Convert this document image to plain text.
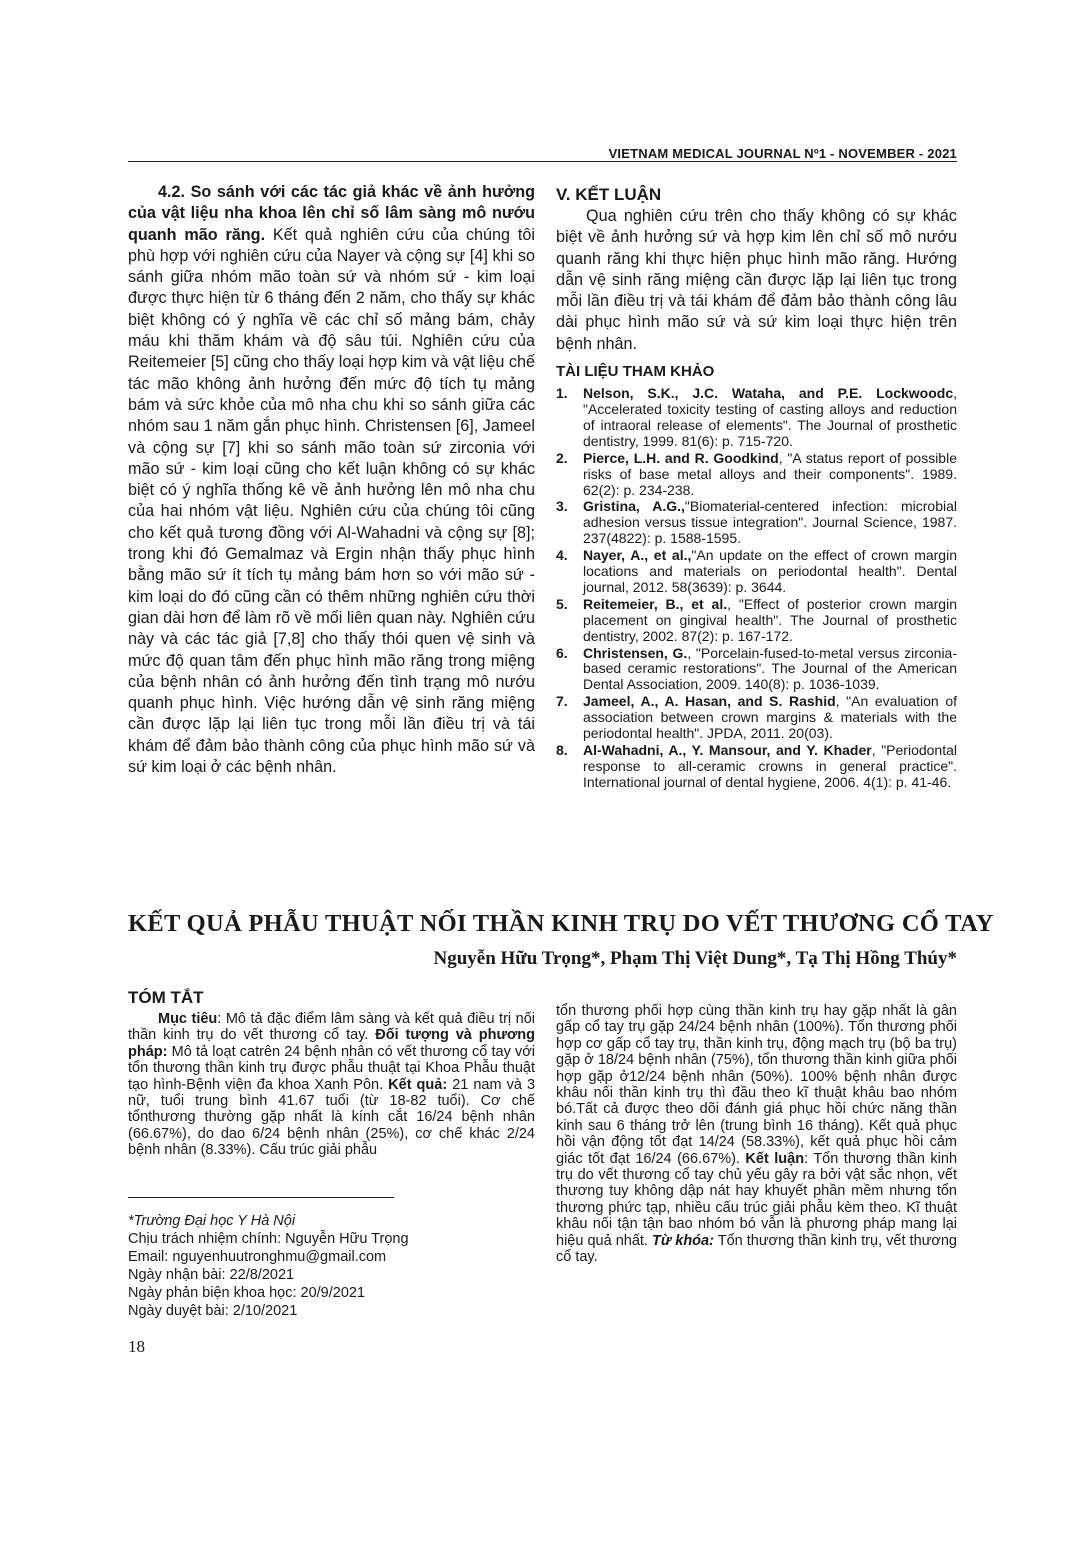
VIETNAM MEDICAL JOURNAL Nº1 - NOVEMBER - 2021

4.2. So sánh với các tác giả khác về ảnh hưởng của vật liệu nha khoa lên chỉ số lâm sàng mô nướu quanh mão răng. Kết quả nghiên cứu của chúng tôi phù hợp với nghiên cứu của Nayer và cộng sự [4] khi so sánh giữa nhóm mão toàn sứ và nhóm sứ - kim loại được thực hiện từ 6 tháng đến 2 năm, cho thấy sự khác biệt không có ý nghĩa về các chỉ số mảng bám, chảy máu khi thăm khám và độ sâu túi. Nghiên cứu của Reitemeier [5] cũng cho thấy loại hợp kim và vật liệu chế tác mão không ảnh hưởng đến mức độ tích tụ mảng bám và sức khỏe của mô nha chu khi so sánh giữa các nhóm sau 1 năm gắn phục hình. Christensen [6], Jameel và cộng sự [7] khi so sánh mão toàn sứ zirconia với mão sứ - kim loại cũng cho kết luận không có sự khác biệt có ý nghĩa thống kê về ảnh hưởng lên mô nha chu của hai nhóm vật liệu. Nghiên cứu của chúng tôi cũng cho kết quả tương đồng với Al-Wahadni và cộng sự [8]; trong khi đó Gemalmaz và Ergin nhận thấy phục hình bằng mão sứ ít tích tụ mảng bám hơn so với mão sứ - kim loại do đó cũng cần có thêm những nghiên cứu thời gian dài hơn để làm rõ về mối liên quan này. Nghiên cứu này và các tác giả [7,8] cho thấy thói quen vệ sinh và mức độ quan tâm đến phục hình mão răng trong miệng của bệnh nhân có ảnh hưởng đến tình trạng mô nướu quanh phục hình. Việc hướng dẫn vệ sinh răng miệng cần được lặp lại liên tục trong mỗi lần điều trị và tái khám để đảm bảo thành công của phục hình mão sứ và sứ kim loại ở các bệnh nhân.

V. KẾT LUẬN

Qua nghiên cứu trên cho thấy không có sự khác biệt về ảnh hưởng sứ và hợp kim lên chỉ số mô nướu quanh răng khi thực hiện phục hình mão răng. Hướng dẫn vệ sinh răng miệng cần được lặp lại liên tục trong mỗi lần điều trị và tái khám để đảm bảo thành công lâu dài phục hình mão sứ và sứ kim loại thực hiện trên bệnh nhân.

TÀI LIỆU THAM KHẢO
1. Nelson, S.K., J.C. Wataha, and P.E. Lockwoodc, "Accelerated toxicity testing of casting alloys and reduction of intraoral release of elements". The Journal of prosthetic dentistry, 1999. 81(6): p. 715-720.
2. Pierce, L.H. and R. Goodkind, "A status report of possible risks of base metal alloys and their components". 1989. 62(2): p. 234-238.
3. Gristina, A.G.,"Biomaterial-centered infection: microbial adhesion versus tissue integration". Journal Science, 1987. 237(4822): p. 1588-1595.
4. Nayer, A., et al.,"An update on the effect of crown margin locations and materials on periodontal health". Dental journal, 2012. 58(3639): p. 3644.
5. Reitemeier, B., et al., "Effect of posterior crown margin placement on gingival health". The Journal of prosthetic dentistry, 2002. 87(2): p. 167-172.
6. Christensen, G., "Porcelain-fused-to-metal versus zirconia-based ceramic restorations". The Journal of the American Dental Association, 2009. 140(8): p. 1036-1039.
7. Jameel, A., A. Hasan, and S. Rashid, "An evaluation of association between crown margins & materials with the periodontal health". JPDA, 2011. 20(03).
8. Al-Wahadni, A., Y. Mansour, and Y. Khader, "Periodontal response to all-ceramic crowns in general practice". International journal of dental hygiene, 2006. 4(1): p. 41-46.
KẾT QUẢ PHẪU THUẬT NỐI THẦN KINH TRỤ DO VẾT THƯƠNG CỔ TAY
Nguyễn Hữu Trọng*, Phạm Thị Việt Dung*, Tạ Thị Hồng Thúy*
TÓM TẮT

Mục tiêu: Mô tả đặc điểm lâm sàng và kết quả điều trị nối thần kinh trụ do vết thương cổ tay. Đối tượng và phương pháp: Mô tả loạt catrên 24 bệnh nhân có vết thương cổ tay với tổn thương thần kinh trụ được phẫu thuật tại Khoa Phẫu thuật tạo hình-Bệnh viện đa khoa Xanh Pôn. Kết quả: 21 nam và 3 nữ, tuổi trung bình 41.67 tuổi (từ 18-82 tuổi). Cơ chế tổnthương thường gặp nhất là kính cắt 16/24 bệnh nhân (66.67%), do dao 6/24 bệnh nhân (25%), cơ chế khác 2/24 bệnh nhân (8.33%). Cấu trúc giải phẫu

tổn thương phối hợp cùng thần kinh trụ hay gặp nhất là gân gấp cổ tay trụ gặp 24/24 bệnh nhân (100%). Tổn thương phối hợp cơ gấp cổ tay trụ, thần kinh trụ, động mạch trụ (bộ ba trụ) gặp ở 18/24 bệnh nhân (75%), tổn thương thần kinh giữa phối hợp gặp ở12/24 bệnh nhân (50%). 100% bệnh nhân được khâu nối thần kinh trụ thì đầu theo kĩ thuật khâu bao nhóm bó.Tất cả được theo dõi đánh giá phục hồi chức năng thần kinh sau 6 tháng trở lên (trung bình 16 tháng). Kết quả phục hồi vận động tốt đạt 14/24 (58.33%), kết quả phục hồi cảm giác tốt đạt 16/24 (66.67%). Kết luận: Tổn thương thần kinh trụ do vết thương cổ tay chủ yếu gây ra bởi vật sắc nhọn, vết thương tuy không dập nát hay khuyết phần mềm nhưng tổn thương phức tạp, nhiều cấu trúc giải phẫu kèm theo. Kĩ thuật khâu nối tận tận bao nhóm bó vẫn là phương pháp mang lại hiệu quả nhất. Từ khóa: Tổn thương thần kinh trụ, vết thương cổ tay.

*Trường Đại học Y Hà Nội
Chịu trách nhiệm chính: Nguyễn Hữu Trọng
Email: nguyenhuutronghmu@gmail.com
Ngày nhận bài: 22/8/2021
Ngày phản biện khoa học: 20/9/2021
Ngày duyệt bài: 2/10/2021
18
